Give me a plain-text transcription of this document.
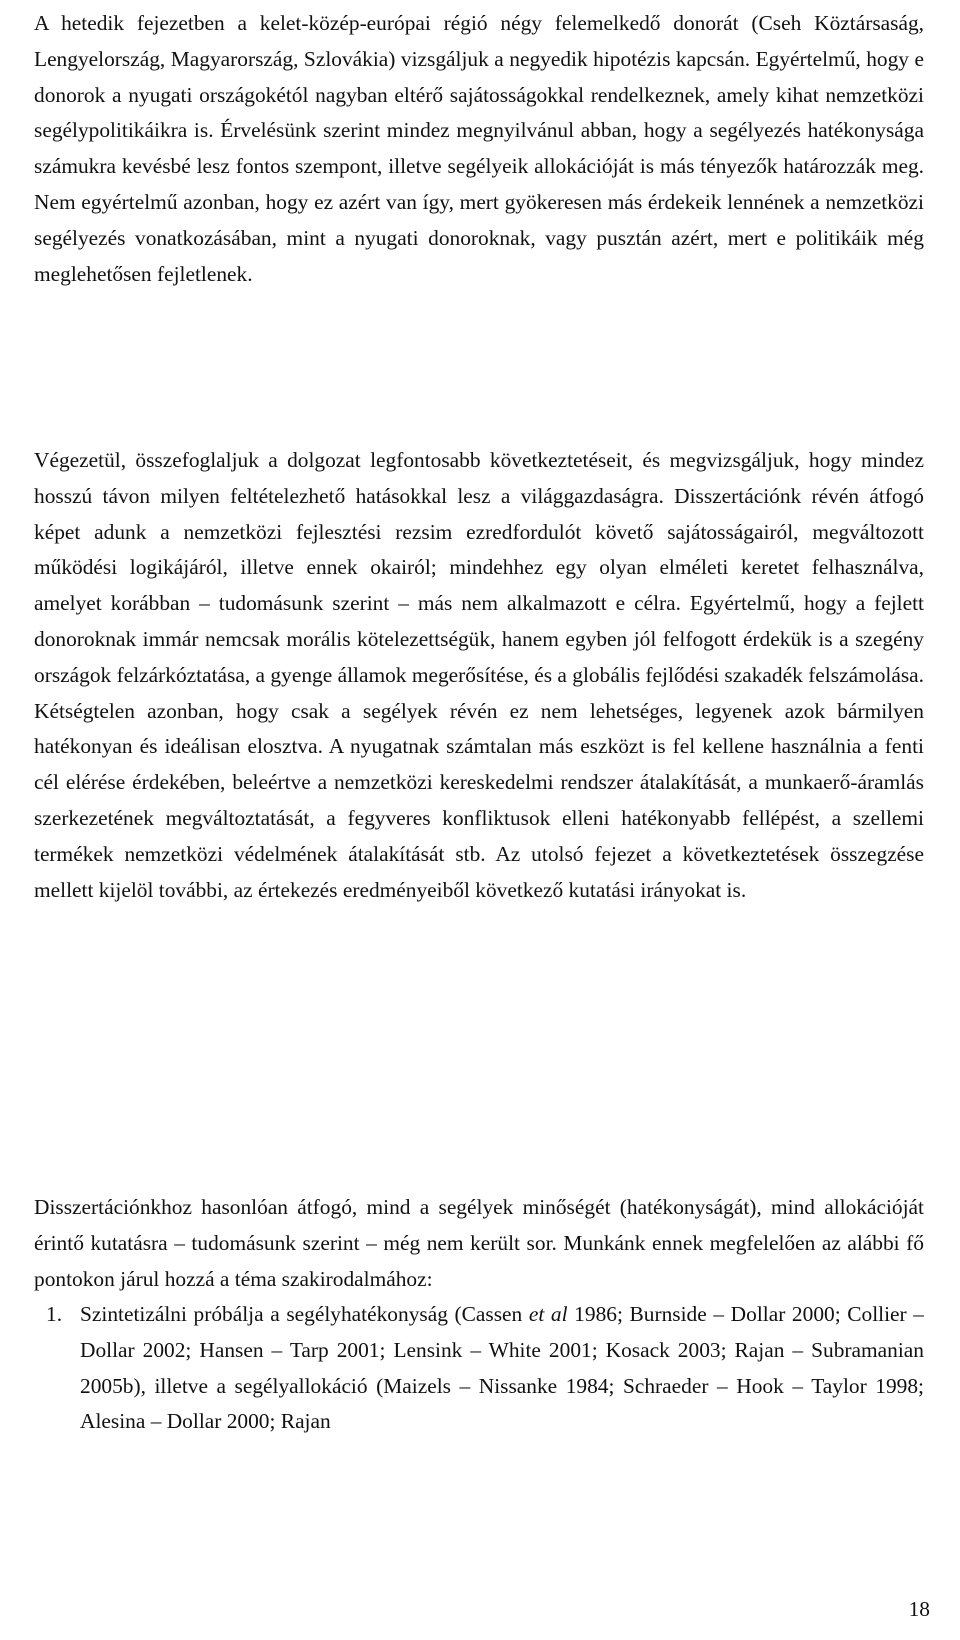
A hetedik fejezetben a kelet-közép-európai régió négy felemelkedő donorát (Cseh Köztársaság, Lengyelország, Magyarország, Szlovákia) vizsgáljuk a negyedik hipotézis kapcsán. Egyértelmű, hogy e donorok a nyugati országokétól nagyban eltérő sajátosságokkal rendelkeznek, amely kihat nemzetközi segélypolitikáikra is. Érvelésünk szerint mindez megnyilvánul abban, hogy a segélyezés hatékonysága számukra kevésbé lesz fontos szempont, illetve segélyeik allokációját is más tényezők határozzák meg. Nem egyértelmű azonban, hogy ez azért van így, mert gyökeresen más érdekeik lennének a nemzetközi segélyezés vonatkozásában, mint a nyugati donoroknak, vagy pusztán azért, mert e politikáik még meglehetősen fejletlenek.

Végezetül, összefoglaljuk a dolgozat legfontosabb következtetéseit, és megvizsgáljuk, hogy mindez hosszú távon milyen feltételezhető hatásokkal lesz a világgazdaságra. Disszertációnk révén átfogó képet adunk a nemzetközi fejlesztési rezsim ezredfordulót követő sajátosságairól, megváltozott működési logikájáról, illetve ennek okairól; mindehhez egy olyan elméleti keretet felhasználva, amelyet korábban – tudomásunk szerint – más nem alkalmazott e célra. Egyértelmű, hogy a fejlett donoroknak immár nemcsak morális kötelezettségük, hanem egyben jól felfogott érdekük is a szegény országok felzárkóztatása, a gyenge államok megerősítése, és a globális fejlődési szakadék felszámolása. Kétségtelen azonban, hogy csak a segélyek révén ez nem lehetséges, legyenek azok bármilyen hatékonyan és ideálisan elosztva. A nyugatnak számtalan más eszközt is fel kellene használnia a fenti cél elérése érdekében, beleértve a nemzetközi kereskedelmi rendszer átalakítását, a munkaerő-áramlás szerkezetének megváltoztatását, a fegyveres konfliktusok elleni hatékonyabb fellépést, a szellemi termékek nemzetközi védelmének átalakítását stb. Az utolsó fejezet a következtetések összegzése mellett kijelöl további, az értekezés eredményeiből következő kutatási irányokat is.

Disszertációnkhoz hasonlóan átfogó, mind a segélyek minőségét (hatékonyságát), mind allokációját érintő kutatásra – tudomásunk szerint – még nem került sor. Munkánk ennek megfelelően az alábbi fő pontokon járul hozzá a téma szakirodalmához:

1. Szintetizálni próbálja a segélyhatékonyság (Cassen et al 1986; Burnside – Dollar 2000; Collier – Dollar 2002; Hansen – Tarp 2001; Lensink – White 2001; Kosack 2003; Rajan – Subramanian 2005b), illetve a segélyallokáció (Maizels – Nissanke 1984; Schraeder – Hook – Taylor 1998; Alesina – Dollar 2000; Rajan

18
